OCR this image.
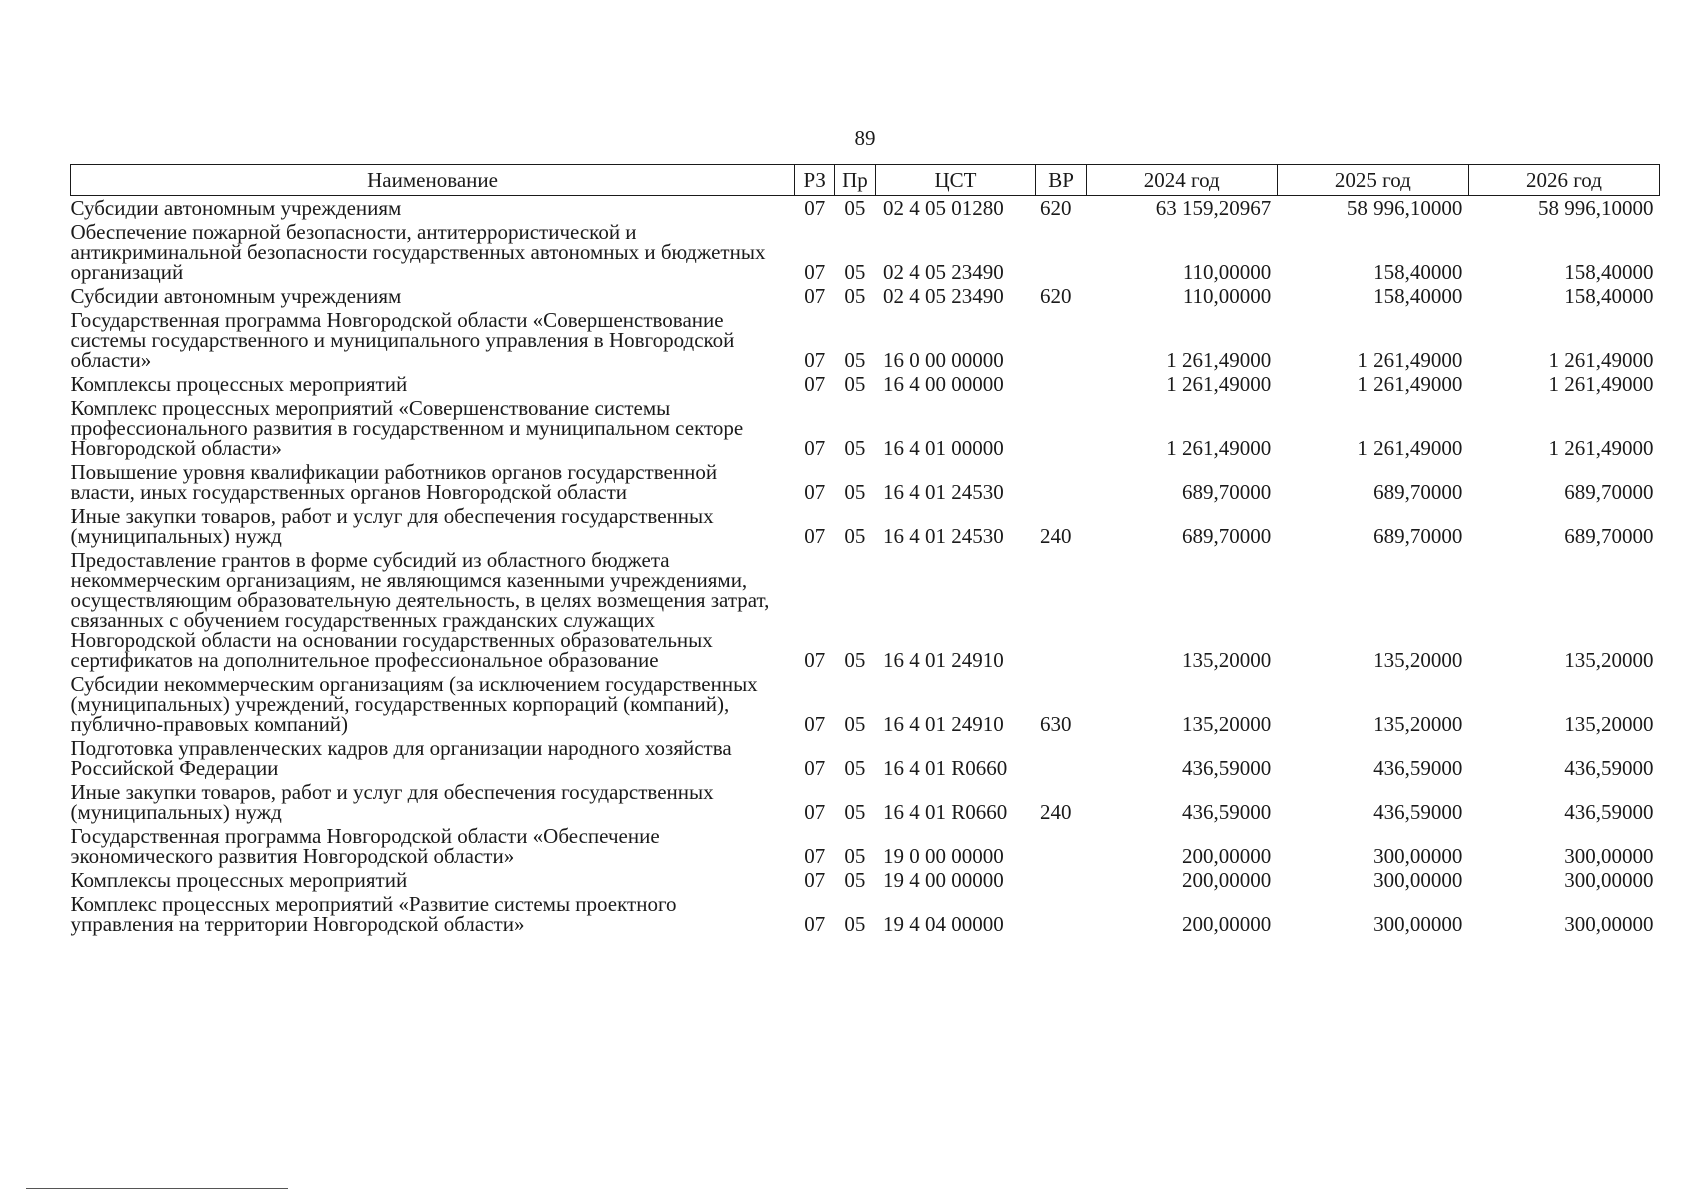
89
Наименование	РЗ	Пр	ЦСТ	ВР	2024 год	2025 год	2026 год
Субсидии автономным учреждениям	07	05	02 4 05 01280	620	63 159,20967	58 996,10000	58 996,10000
Обеспечение пожарной безопасности, антитеррористической и антикриминальной безопасности государственных автономных и бюджетных организаций	07	05	02 4 05 23490		110,00000	158,40000	158,40000
Субсидии автономным учреждениям	07	05	02 4 05 23490	620	110,00000	158,40000	158,40000
Государственная программа Новгородской области «Совершенствование системы государственного и муниципального управления в Новгородской области»	07	05	16 0 00 00000		1 261,49000	1 261,49000	1 261,49000
Комплексы процессных мероприятий	07	05	16 4 00 00000		1 261,49000	1 261,49000	1 261,49000
Комплекс процессных мероприятий «Совершенствование системы профессионального развития в государственном и муниципальном секторе Новгородской области»	07	05	16 4 01 00000		1 261,49000	1 261,49000	1 261,49000
Повышение уровня квалификации работников органов государственной власти, иных государственных органов Новгородской области	07	05	16 4 01 24530		689,70000	689,70000	689,70000
Иные закупки товаров, работ и услуг для обеспечения государственных (муниципальных) нужд	07	05	16 4 01 24530	240	689,70000	689,70000	689,70000
Предоставление грантов в форме субсидий из областного бюджета некоммерческим организациям, не являющимся казенными учреждениями, осуществляющим образовательную деятельность, в целях возмещения затрат, связанных с обучением государственных гражданских служащих Новгородской области на основании государственных образовательных сертификатов на дополнительное профессиональное образование	07	05	16 4 01 24910		135,20000	135,20000	135,20000
Субсидии некоммерческим организациям (за исключением государственных (муниципальных) учреждений, государственных корпораций (компаний), публично-правовых компаний)	07	05	16 4 01 24910	630	135,20000	135,20000	135,20000
Подготовка управленческих кадров для организации народного хозяйства Российской Федерации	07	05	16 4 01 R0660		436,59000	436,59000	436,59000
Иные закупки товаров, работ и услуг для обеспечения государственных (муниципальных) нужд	07	05	16 4 01 R0660	240	436,59000	436,59000	436,59000
Государственная программа Новгородской области «Обеспечение экономического развития Новгородской области»	07	05	19 0 00 00000		200,00000	300,00000	300,00000
Комплексы процессных мероприятий	07	05	19 4 00 00000		200,00000	300,00000	300,00000
Комплекс процессных мероприятий «Развитие системы проектного управления на территории Новгородской области»	07	05	19 4 04 00000		200,00000	300,00000	300,00000
